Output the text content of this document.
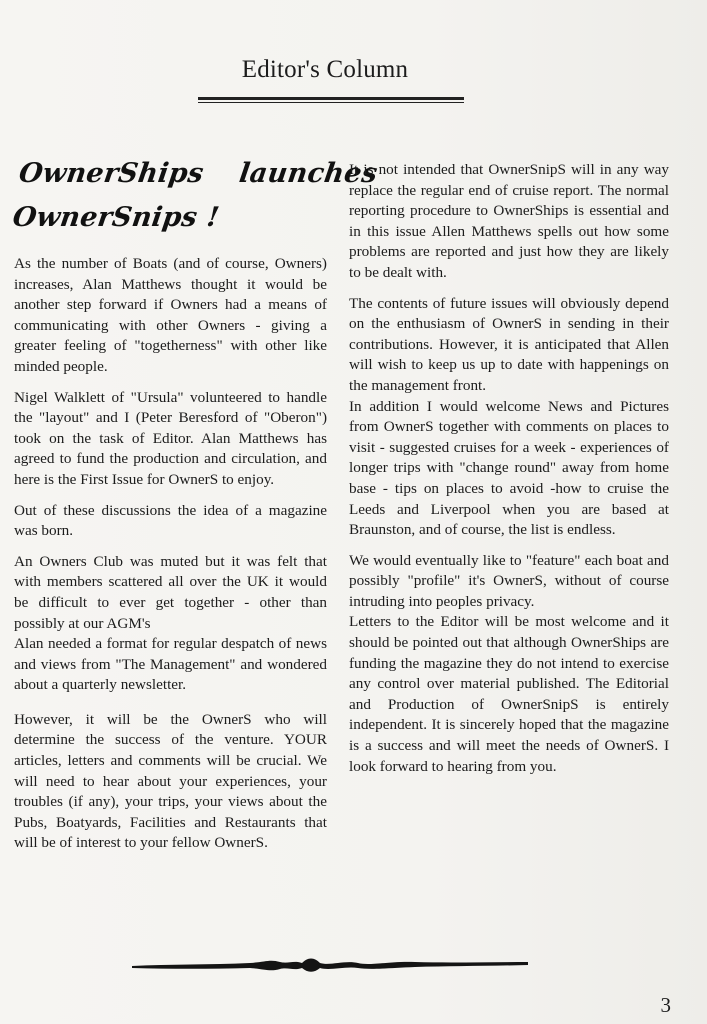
Editor's Column
OwnerShips launches
OwnerSnips !

As the number of Boats (and of course, Owners) increases, Alan Matthews thought it would be another step forward if Owners had a means of communicating with other Owners - giving a greater feeling of "togetherness" with other like minded people.

Nigel Walklett of "Ursula" volunteered to handle the "layout" and I (Peter Beresford of "Oberon") took on the task of Editor. Alan Matthews has agreed to fund the production and circulation, and here is the First Issue for OwnerS to enjoy.

Out of these discussions the idea of a magazine was born.

An Owners Club was muted but it was felt that with members scattered all over the UK it would be difficult to ever get together - other than possibly at our AGM's

Alan needed a format for regular despatch of news and views from "The Management" and wondered about a quarterly newsletter.

However, it will be the OwnerS who will determine the success of the venture. YOUR articles, letters and comments will be crucial. We will need to hear about your experiences, your troubles (if any), your trips, your views about the Pubs, Boatyards, Facilities and Restaurants that will be of interest to your fellow OwnerS.

It is not intended that OwnerSnipS will in any way replace the regular end of cruise report. The normal reporting procedure to OwnerShips is essential and in this issue Allen Matthews spells out how some problems are reported and just how they are likely to be dealt with.

The contents of future issues will obviously depend on the enthusiasm of OwnerS in sending in their contributions. However, it is anticipated that Allen will wish to keep us up to date with happenings on the management front.

In addition I would welcome News and Pictures from OwnerS together with comments on places to visit - suggested cruises for a week - experiences of longer trips with "change round" away from home base - tips on places to avoid -how to cruise the Leeds and Liverpool when you are based at Braunston, and of course, the list is endless.

We would eventually like to "feature" each boat and possibly "profile" it's OwnerS, without of course intruding into peoples privacy.

Letters to the Editor will be most welcome and it should be pointed out that although OwnerShips are funding the magazine they do not intend to exercise any control over material published. The Editorial and Production of OwnerSnipS is entirely independent. It is sincerely hoped that the magazine is a success and will meet the needs of OwnerS. I look forward to hearing from you.

3
